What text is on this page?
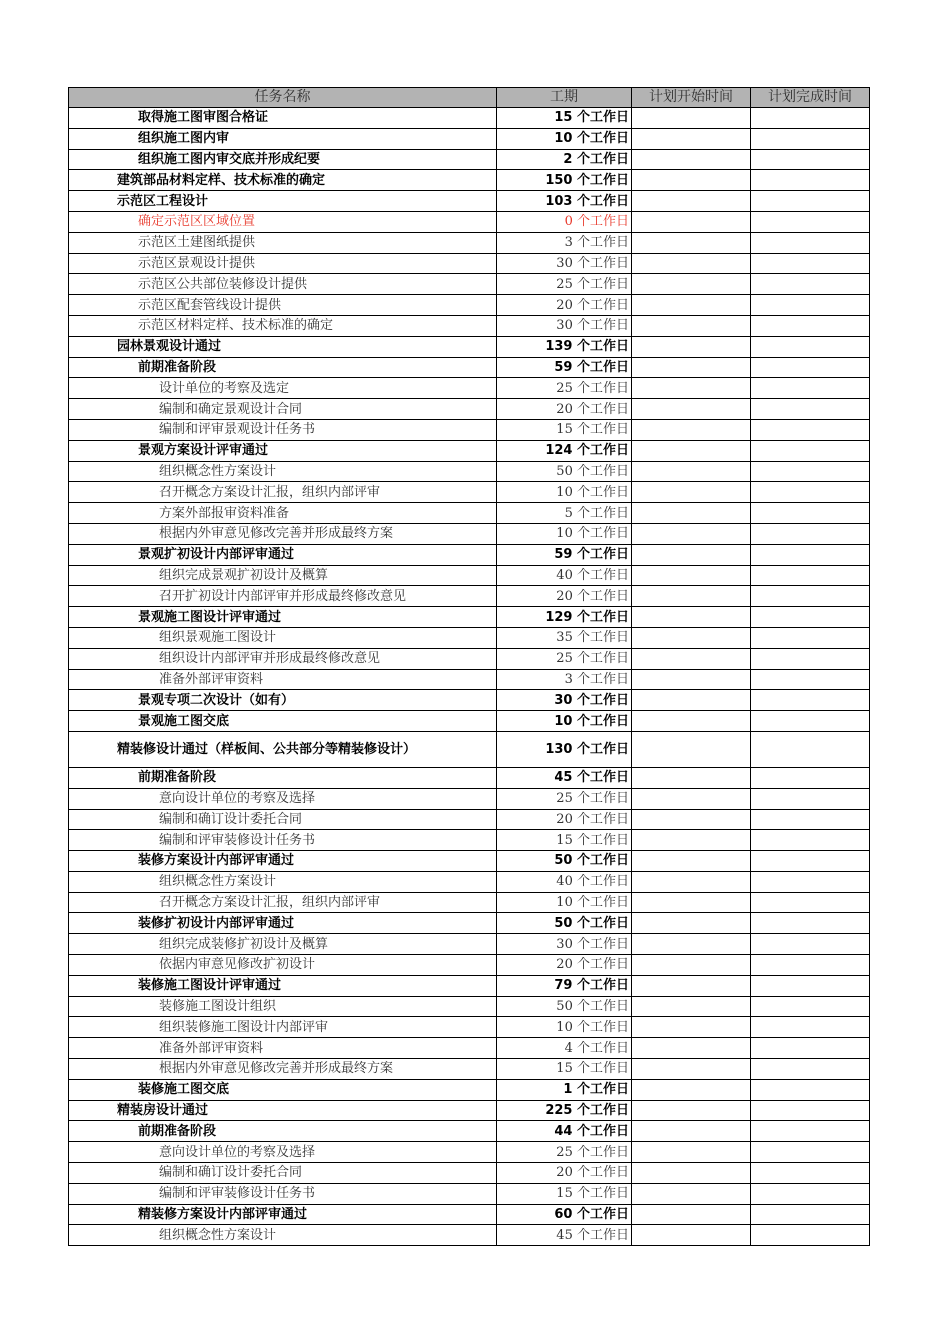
任务名称	工期	计划开始时间	计划完成时间
取得施工图审图合格证	15 个工作日		
组织施工图内审	10 个工作日		
组织施工图内审交底并形成纪要	2 个工作日		
建筑部品材料定样、技术标准的确定	150 个工作日		
示范区工程设计	103 个工作日		
确定示范区区域位置	0 个工作日		
示范区土建图纸提供	3 个工作日		
示范区景观设计提供	30 个工作日		
示范区公共部位装修设计提供	25 个工作日		
示范区配套管线设计提供	20 个工作日		
示范区材料定样、技术标准的确定	30 个工作日		
园林景观设计通过	139 个工作日		
前期准备阶段	59 个工作日		
设计单位的考察及选定	25 个工作日		
编制和确定景观设计合同	20 个工作日		
编制和评审景观设计任务书	15 个工作日		
景观方案设计评审通过	124 个工作日		
组织概念性方案设计	50 个工作日		
召开概念方案设计汇报，组织内部评审	10 个工作日		
方案外部报审资料准备	5 个工作日		
根据内外审意见修改完善并形成最终方案	10 个工作日		
景观扩初设计内部评审通过	59 个工作日		
组织完成景观扩初设计及概算	40 个工作日		
召开扩初设计内部评审并形成最终修改意见	20 个工作日		
景观施工图设计评审通过	129 个工作日		
组织景观施工图设计	35 个工作日		
组织设计内部评审并形成最终修改意见	25 个工作日		
准备外部评审资料	3 个工作日		
景观专项二次设计（如有）	30 个工作日		
景观施工图交底	10 个工作日		
精装修设计通过（样板间、公共部分等精装修设计）	130 个工作日		
前期准备阶段	45 个工作日		
意向设计单位的考察及选择	25 个工作日		
编制和确订设计委托合同	20 个工作日		
编制和评审装修设计任务书	15 个工作日		
装修方案设计内部评审通过	50 个工作日		
组织概念性方案设计	40 个工作日		
召开概念方案设计汇报，组织内部评审	10 个工作日		
装修扩初设计内部评审通过	50 个工作日		
组织完成装修扩初设计及概算	30 个工作日		
依据内审意见修改扩初设计	20 个工作日		
装修施工图设计评审通过	79 个工作日		
装修施工图设计组织	50 个工作日		
组织装修施工图设计内部评审	10 个工作日		
准备外部评审资料	4 个工作日		
根据内外审意见修改完善并形成最终方案	15 个工作日		
装修施工图交底	1 个工作日		
精装房设计通过	225 个工作日		
前期准备阶段	44 个工作日		
意向设计单位的考察及选择	25 个工作日		
编制和确订设计委托合同	20 个工作日		
编制和评审装修设计任务书	15 个工作日		
精装修方案设计内部评审通过	60 个工作日		
组织概念性方案设计	45 个工作日		
